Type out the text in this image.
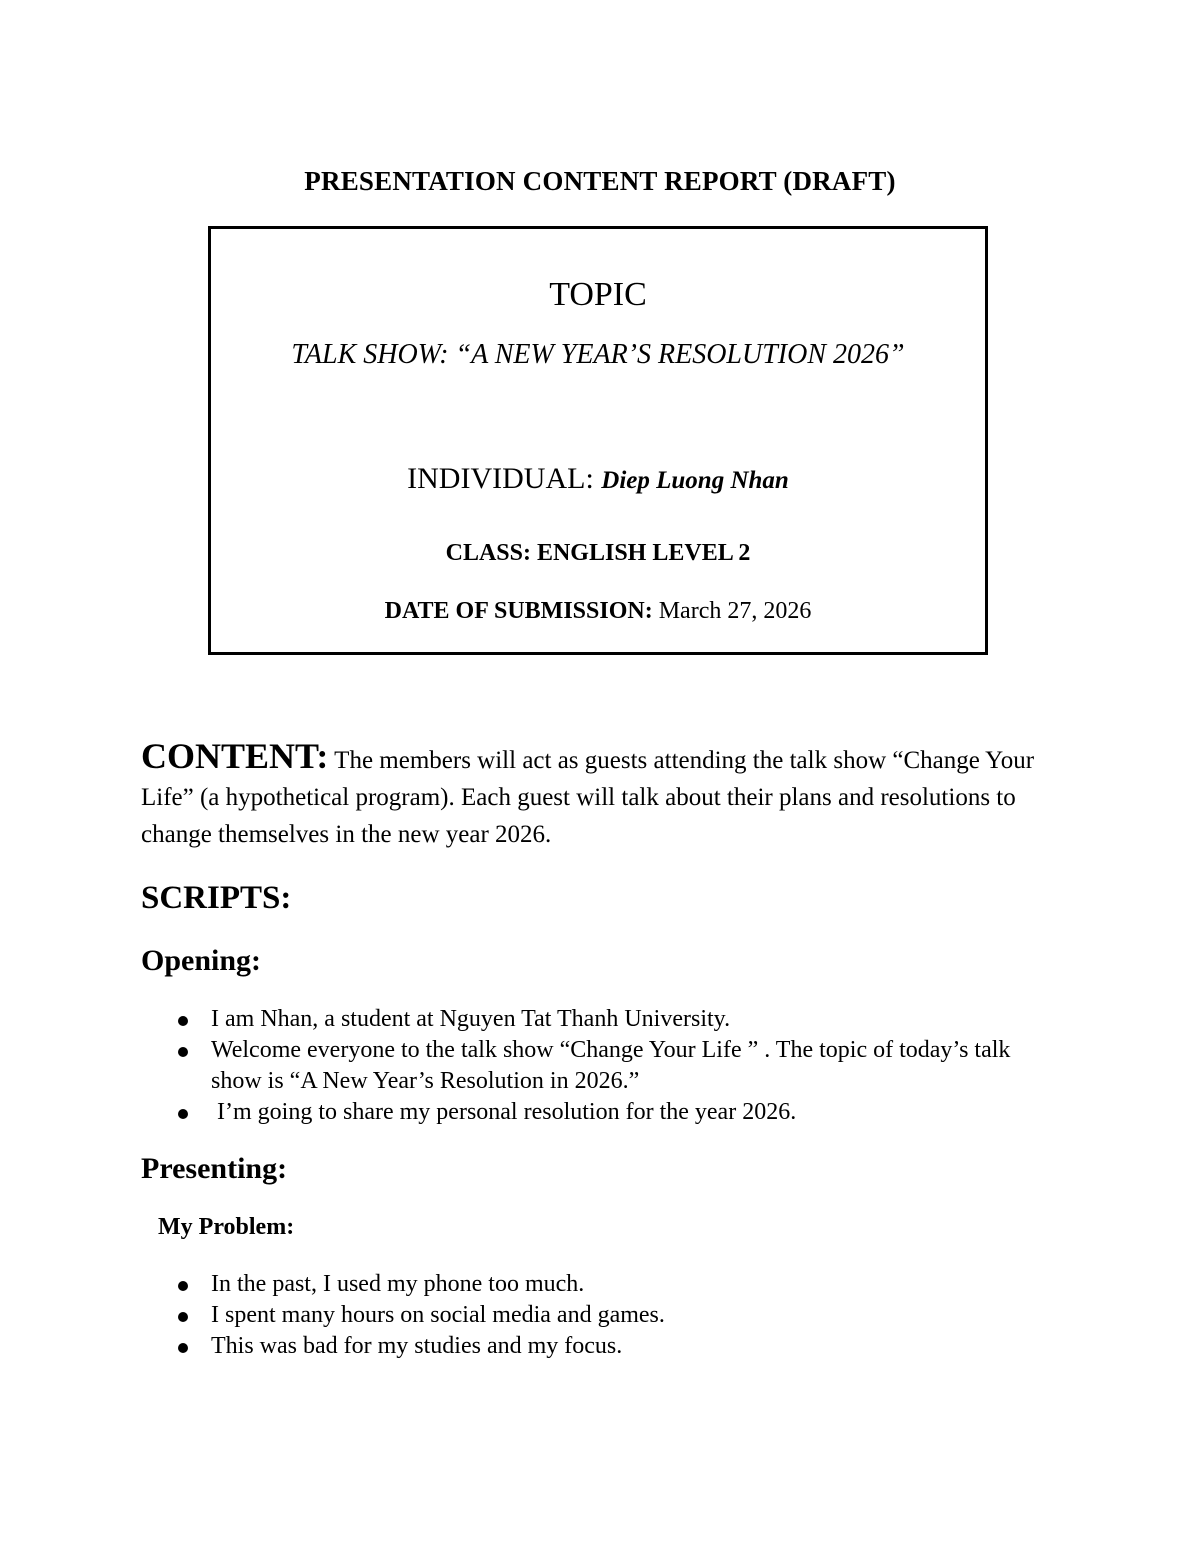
PRESENTATION CONTENT REPORT (DRAFT)
TOPIC
TALK SHOW: “A NEW YEAR’S RESOLUTION 2026”
INDIVIDUAL: Diep Luong Nhan
CLASS: ENGLISH LEVEL 2
DATE OF SUBMISSION: March 27, 2026
CONTENT: The members will act as guests attending the talk show “Change Your Life” (a hypothetical program). Each guest will talk about their plans and resolutions to change themselves in the new year 2026.
SCRIPTS:
Opening:
I am Nhan, a student at Nguyen Tat Thanh University.
Welcome everyone to the talk show “Change Your Life ” . The topic of today’s talk show is “A New Year’s Resolution in 2026.”
I’m going to share my personal resolution for the year 2026.
Presenting:
My Problem:
In the past, I used my phone too much.
I spent many hours on social media and games.
This was bad for my studies and my focus.
